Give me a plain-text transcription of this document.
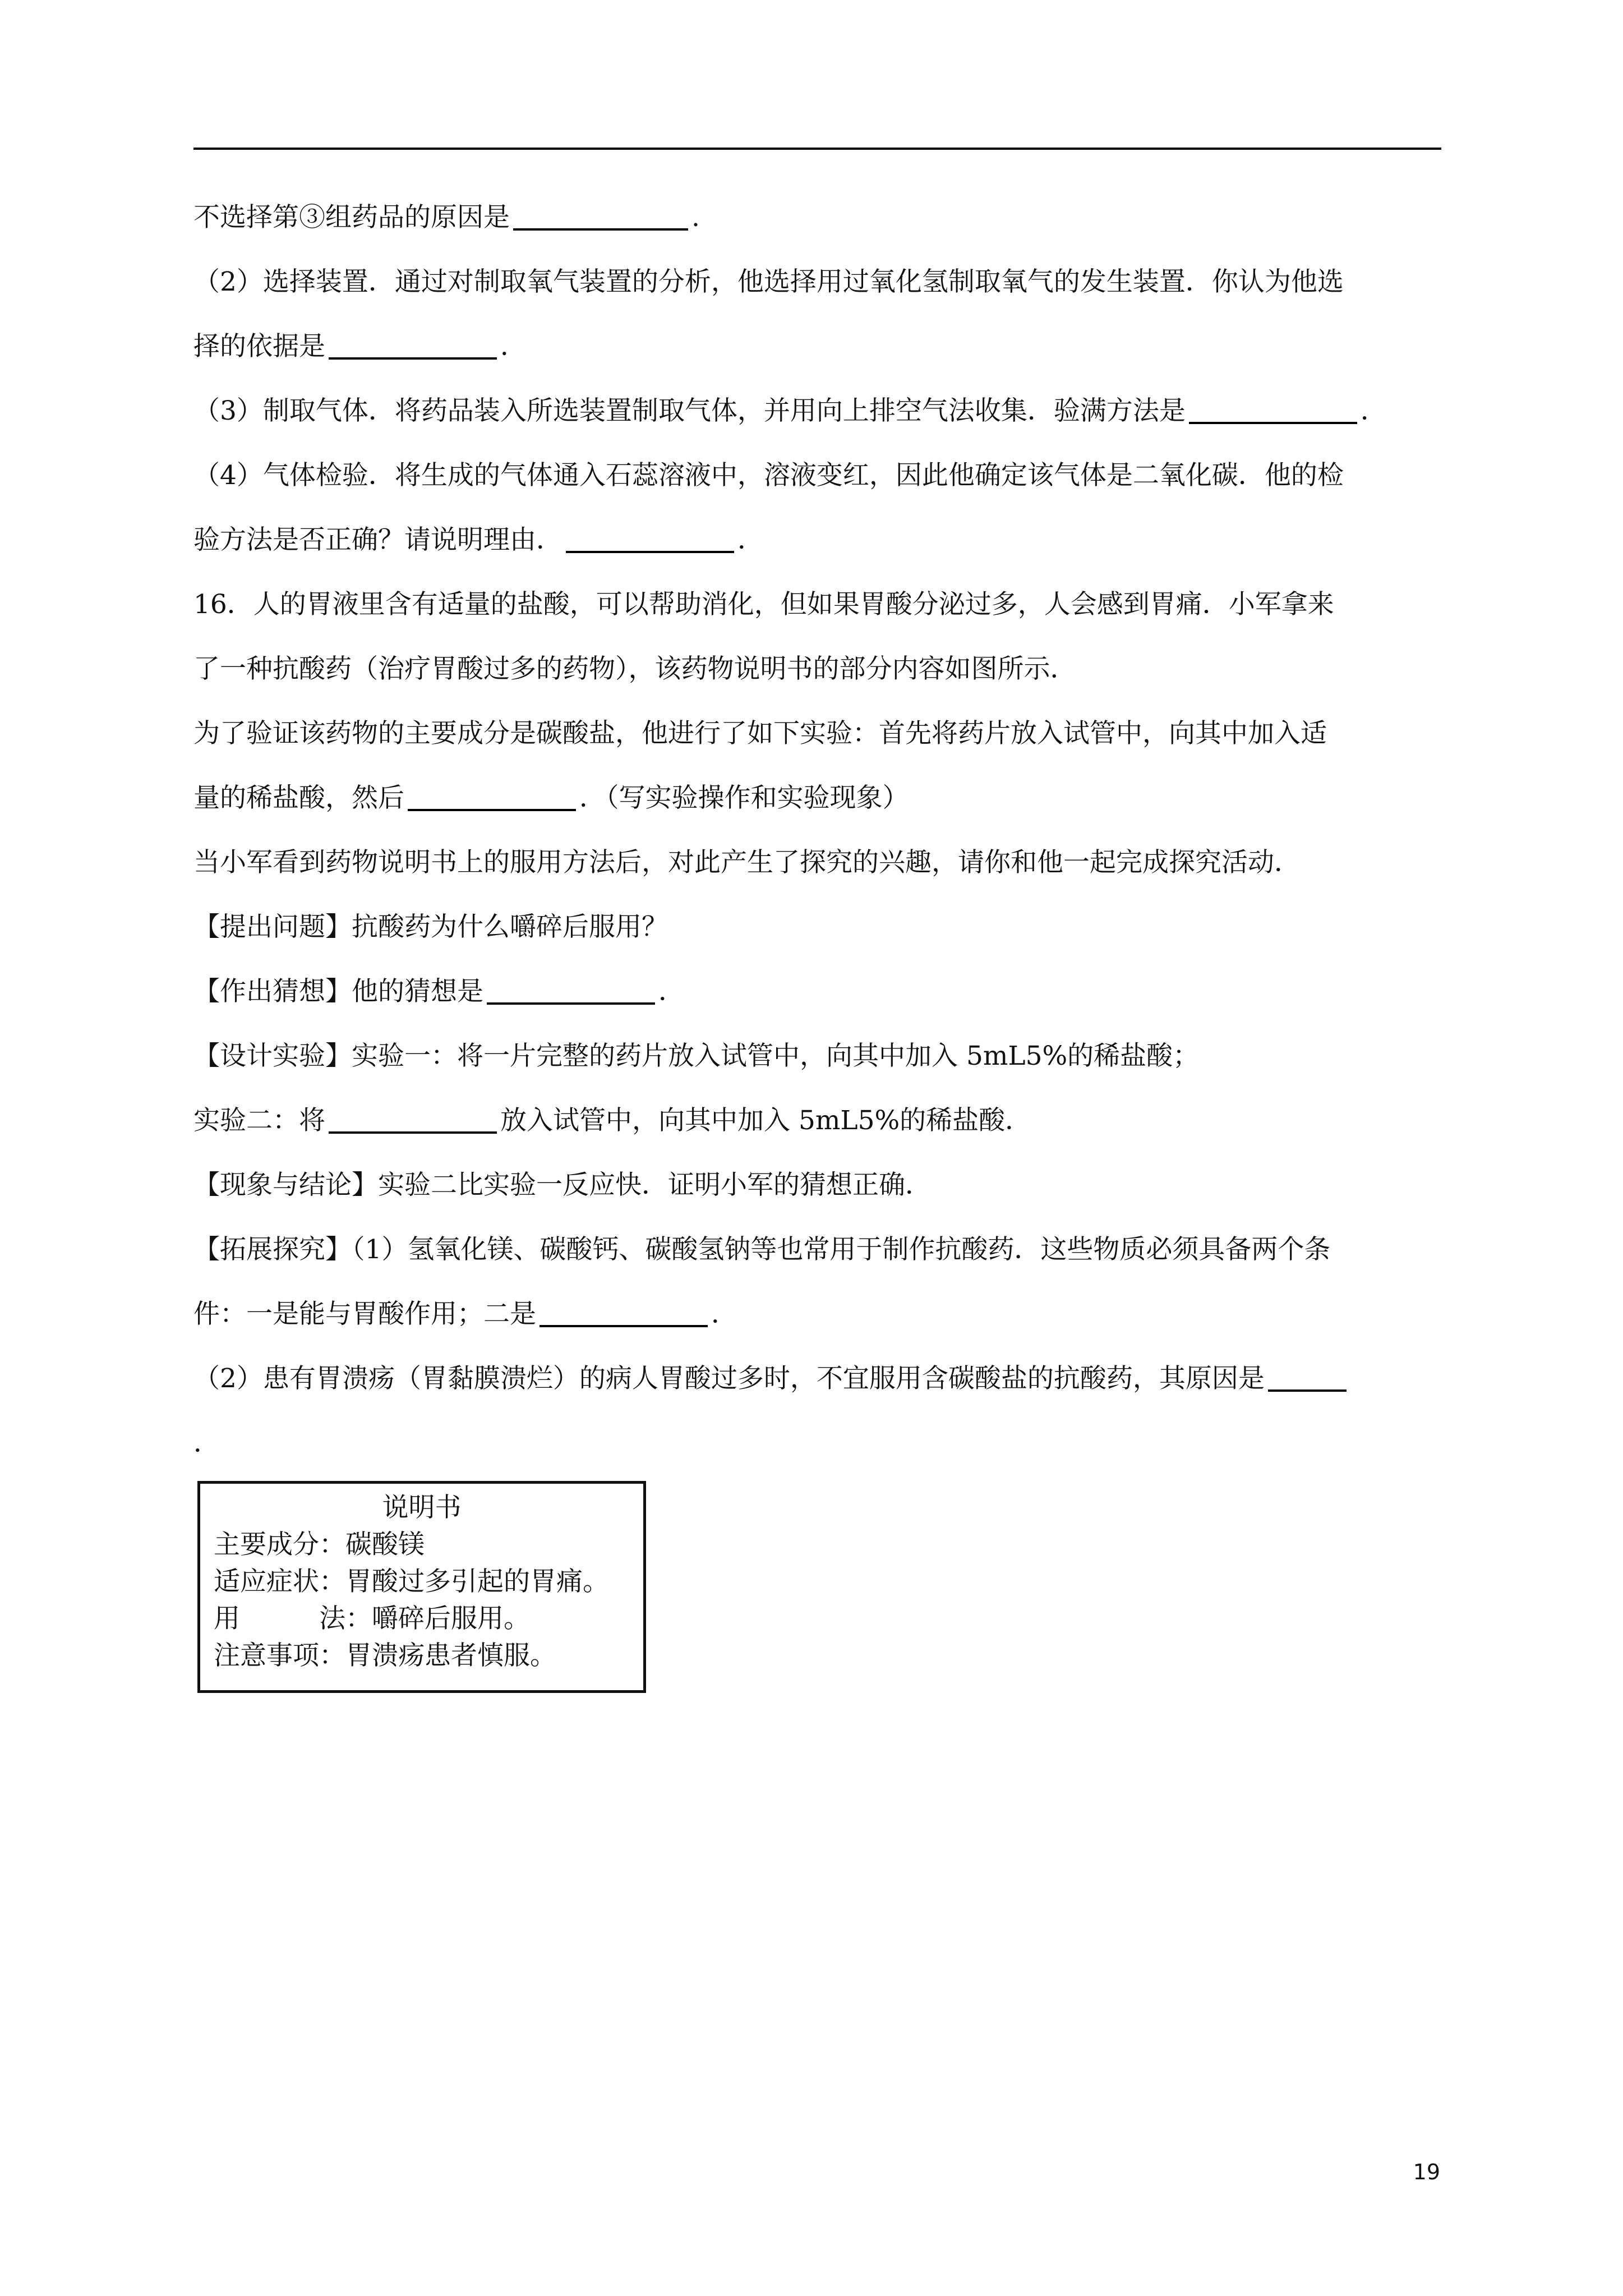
不选择第③组药品的原因是	.

（2）选择装置．通过对制取氧气装置的分析，他选择用过氧化氢制取氧气的发生装置．你认为他选

择的依据是	．

（3）制取气体．将药品装入所选装置制取气体，并用向上排空气法收集．验满方法是	．

（4）气体检验．将生成的气体通入石蕊溶液中，溶液变红，因此他确定该气体是二氧化碳．他的检

验方法是否正确？请说明理由．	．

16．人的胃液里含有适量的盐酸，可以帮助消化，但如果胃酸分泌过多，人会感到胃痛．小军拿来

了一种抗酸药（治疗胃酸过多的药物），该药物说明书的部分内容如图所示．

为了验证该药物的主要成分是碳酸盐，他进行了如下实验：首先将药片放入试管中，向其中加入适

量的稀盐酸，然后	．（写实验操作和实验现象）

当小军看到药物说明书上的服用方法后，对此产生了探究的兴趣，请你和他一起完成探究活动．

【提出问题】抗酸药为什么嚼碎后服用？

【作出猜想】他的猜想是	．

【设计实验】实验一：将一片完整的药片放入试管中，向其中加入 5mL5%的稀盐酸；

实验二：将	放入试管中，向其中加入 5mL5%的稀盐酸．

【现象与结论】实验二比实验一反应快．证明小军的猜想正确．

【拓展探究】（1）氢氧化镁、碳酸钙、碳酸氢钠等也常用于制作抗酸药．这些物质必须具备两个条

件：一是能与胃酸作用；二是	．

（2）患有胃溃疡（胃黏膜溃烂）的病人胃酸过多时，不宜服用含碳酸盐的抗酸药，其原因是

．

说明书
主要成分：碳酸镁
适应症状：胃酸过多引起的胃痛。
用　　　法：嚼碎后服用。
注意事项：胃溃疡患者慎服。
19
